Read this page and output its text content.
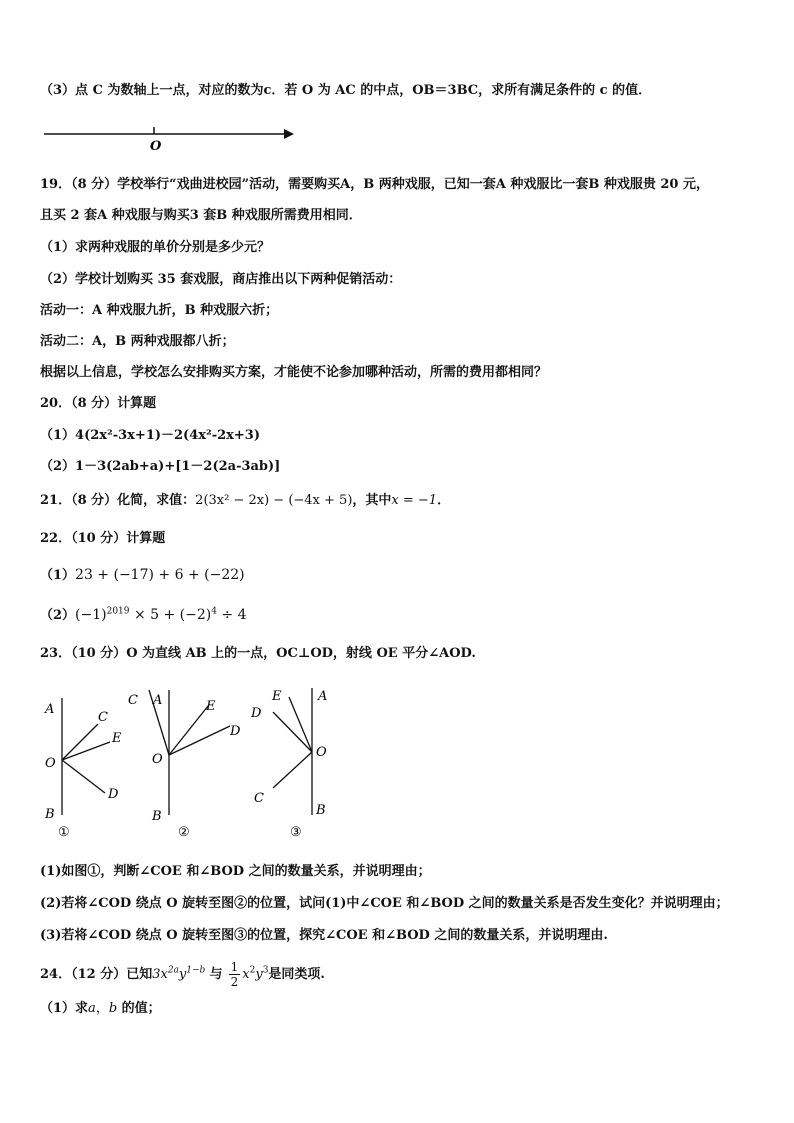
（3）点 C 为数轴上一点，对应的数为c．若 O 为 AC 的中点，OB＝3BC，求所有满足条件的 c 的值．
O
19．（8 分）学校举行“戏曲进校园”活动，需要购买A，B 两种戏服，已知一套A 种戏服比一套B 种戏服贵 20 元，
且买 2 套A 种戏服与购买3 套B 种戏服所需费用相同．
（1）求两种戏服的单价分别是多少元？
（2）学校计划购买 35 套戏服，商店推出以下两种促销活动：
活动一：A 种戏服九折，B 种戏服六折；
活动二：A，B 两种戏服都八折；
根据以上信息，学校怎么安排购买方案，才能使不论参加哪种活动，所需的费用都相同？
20．（8 分）计算题
（1）4(2x²-3x+1)－2(4x²-2x+3)
（2）1－3(2ab+a)+[1－2(2a-3ab)]
21．（8 分）化简，求值：2(3x² − 2x) − (−4x + 5)，其中x = −1．
22．（10 分）计算题
（1）23 + (−17) + 6 + (−22)
$(2)(-1)^{2019} \times 5 + (-2)^4 \div 4$
23．（10 分）O 为直线 AB 上的一点，OC⊥OD，射线 OE 平分∠AOD.
A
O
B
C
E
D
①
C A	E
D
O
B
②
E	A
D
O
C
B
③
(1)如图①，判断∠COE 和∠BOD 之间的数量关系，并说明理由；
(2)若将∠COD 绕点 O 旋转至图②的位置，试问(1)中∠COE 和∠BOD 之间的数量关系是否发生变化？并说明理由；
(3)若将∠COD 绕点 O 旋转至图③的位置，探究∠COE 和∠BOD 之间的数量关系，并说明理由.
24．（12 分）已知$3x^{2a}y^{1-b}$ 与 $\frac{1}{2} x^2y^3$是同类项.
（1）求a，b 的值；
